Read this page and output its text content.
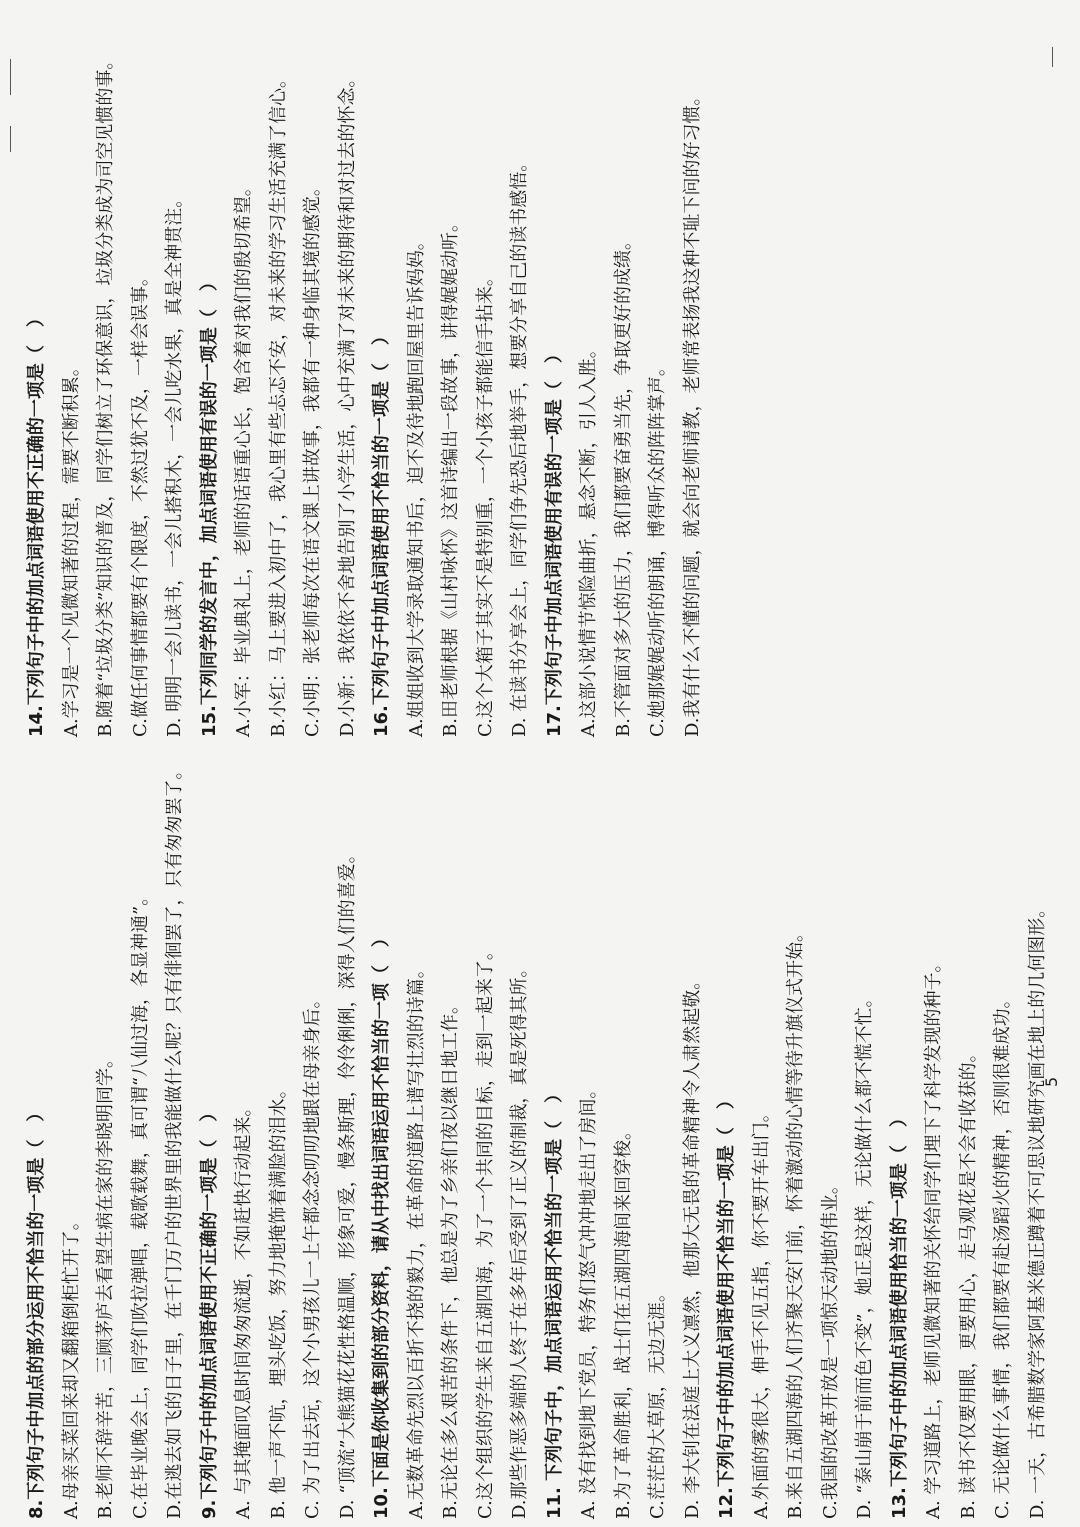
8.下列句子中加点的部分运用不恰当的一项是（　） A.母亲买菜回来却又翻箱倒柜忙开了。 B.老师不辞辛苦，三顾茅庐去看望生病在家的李晓明同学。 C.在毕业晚会上，同学们吹拉弹唱，载歌载舞，真可谓“八仙过海，各显神通”。 D.在逃去如飞的日子里，在千门万户的世界里的我能做什么呢？只有徘徊罢了，只有匆匆罢了。 9.下列句子中的加点词语使用不正确的一项是（　） A. 与其掩面叹息时间匆匆流逝，不如赶快行动起来。 B. 他一声不吭，埋头吃饭，努力地掩饰着满脸的泪水。 C. 为了出去玩，这个小男孩儿一上午都念念叨叨地跟在母亲身后。 D. “顶流”大熊猫花花性格温顺，形象可爱，慢条斯理，伶伶俐俐，深得人们的喜爱。 10.下面是你收集到的部分资料，请从中找出词语运用不恰当的一项（　） A.无数革命先烈以百折不挠的毅力，在革命的道路上谱写壮烈的诗篇。 B.无论在多么艰苦的条件下，他总是为了乡亲们夜以继日地工作。 C.这个组织的学生来自五湖四海，为了一个共同的目标，走到一起来了。 D.那些作恶多端的人终于在多年后受到了正义的制裁，真是死得其所。 11. 下列句子中，加点词语运用不恰当的一项是（　） A. 没有找到地下党员，特务们怒气冲冲地走出了房间。 B.为了革命胜利，战士们在五湖四海间来回穿梭。 C.茫茫的大草原，无边无涯。 D. 李大钊在法庭上大义凛然，他那大无畏的革命精神令人肃然起敬。 12.下列句子中的加点词语使用不恰当的一项是（　） A.外面的雾很大，伸手不见五指，你不要开车出门。 B.来自五湖四海的人们齐聚天安门前，怀着激动的心情等待升旗仪式开始。 C.我国的改革开放是一项惊天动地的伟业。 D. “泰山崩于前而色不变”，她正是这样，无论做什么都不慌不忙。 13.下列句子中的加点词语使用恰当的一项是（　） A. 学习道路上，老师见微知著的关怀给同学们埋下了科学发现的种子。 B. 读书不仅要用眼，更要用心，走马观花是不会有收获的。 C. 无论做什么事情，我们都要有赴汤蹈火的精神，否则很难成功。 D. 一天，古希腊数学家阿基米德正蹲着不可思议地研究画在地上的几何图形。
14.下列句子中的加点词语使用不正确的一项是（　） A.学习是一个见微知著的过程，需要不断积累。 B.随着“垃圾分类”知识的普及，同学们树立了环保意识，垃圾分类成为司空见惯的事。 C.做任何事情都要有个限度，不然过犹不及，一样会误事。 D. 明明一会儿读书，一会儿搭积木，一会儿吃水果，真是全神贯注。 15.下列同学的发言中，加点词语使用有误的一项是（　） A.小军：毕业典礼上，老师的话语重心长，饱含着对我们的殷切希望。 B.小红：马上要进入初中了，我心里有些忐忑不安，对未来的学习生活充满了信心。 C.小明：张老师每次在语文课上讲故事，我都有一种身临其境的感觉。 D.小新：我依依不舍地告别了小学生活，心中充满了对未来的期待和对过去的怀念。 16.下列句子中加点词语使用不恰当的一项是（　） A.姐姐收到大学录取通知书后，迫不及待地跑回屋里告诉妈妈。 B.田老师根据《山村咏怀》这首诗编出一段故事，讲得娓娓动听。 C.这个大箱子其实不是特别重，一个小孩子都能信手拈来。 D. 在读书分享会上，同学们争先恐后地举手，想要分享自己的读书感悟。 17.下列句子中加点词语使用有误的一项是（　） A.这部小说情节惊险曲折，悬念不断，引人入胜。 B.不管面对多大的压力，我们都要奋勇当先，争取更好的成绩。 C.她那娓娓动听的朗诵，博得听众的阵阵掌声。 D.我有什么不懂的问题，就会向老师请教，老师常表扬我这种不耻下问的好习惯。
5
